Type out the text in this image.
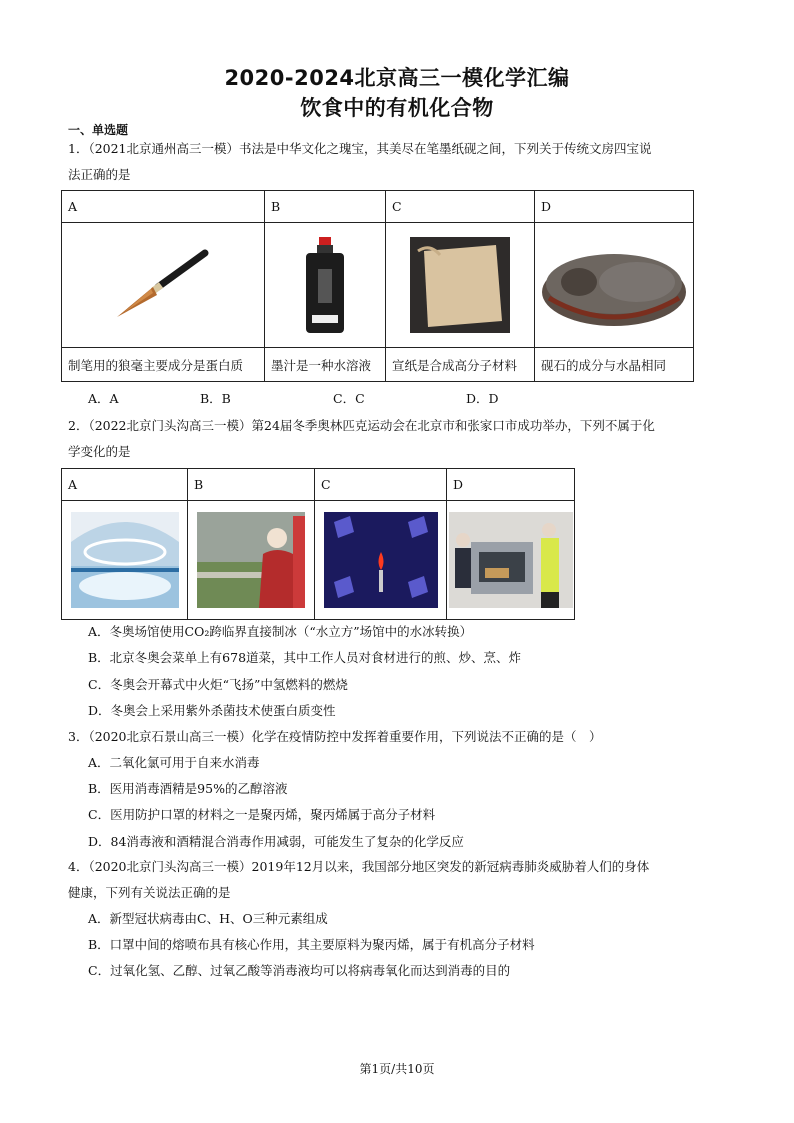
2020-2024北京高三一模化学汇编
饮食中的有机化合物
一、单选题
1．（2021北京通州高三一模）书法是中华文化之瑰宝，其美尽在笔墨纸砚之间，下列关于传统文房四宝说
法正确的是
A	B	C	D

制笔用的狼毫主要成分是蛋白质	墨汁是一种水溶液	宣纸是合成高分子材料	砚石的成分与水晶相同
A．A	B．B	C．C	D．D
2．（2022北京门头沟高三一模）第24届冬季奥林匹克运动会在北京市和张家口市成功举办，下列不属于化
学变化的是
A	B	C	D

A．冬奥场馆使用CO₂跨临界直接制冰（“水立方”场馆中的水冰转换）
B．北京冬奥会菜单上有678道菜，其中工作人员对食材进行的煎、炒、烹、炸
C．冬奥会开幕式中火炬“飞扬”中氢燃料的燃烧
D．冬奥会上采用紫外杀菌技术使蛋白质变性
3．（2020北京石景山高三一模）化学在疫情防控中发挥着重要作用，下列说法不正确的是（　）
A．二氧化氯可用于自来水消毒
B．医用消毒酒精是95%的乙醇溶液
C．医用防护口罩的材料之一是聚丙烯，聚丙烯属于高分子材料
D．84消毒液和酒精混合消毒作用减弱，可能发生了复杂的化学反应
4．（2020北京门头沟高三一模）2019年12月以来，我国部分地区突发的新冠病毒肺炎威胁着人们的身体
健康，下列有关说法正确的是
A．新型冠状病毒由C、H、O三种元素组成
B．口罩中间的熔喷布具有核心作用，其主要原料为聚丙烯，属于有机高分子材料
C．过氧化氢、乙醇、过氧乙酸等消毒液均可以将病毒氧化而达到消毒的目的
第1页/共10页
